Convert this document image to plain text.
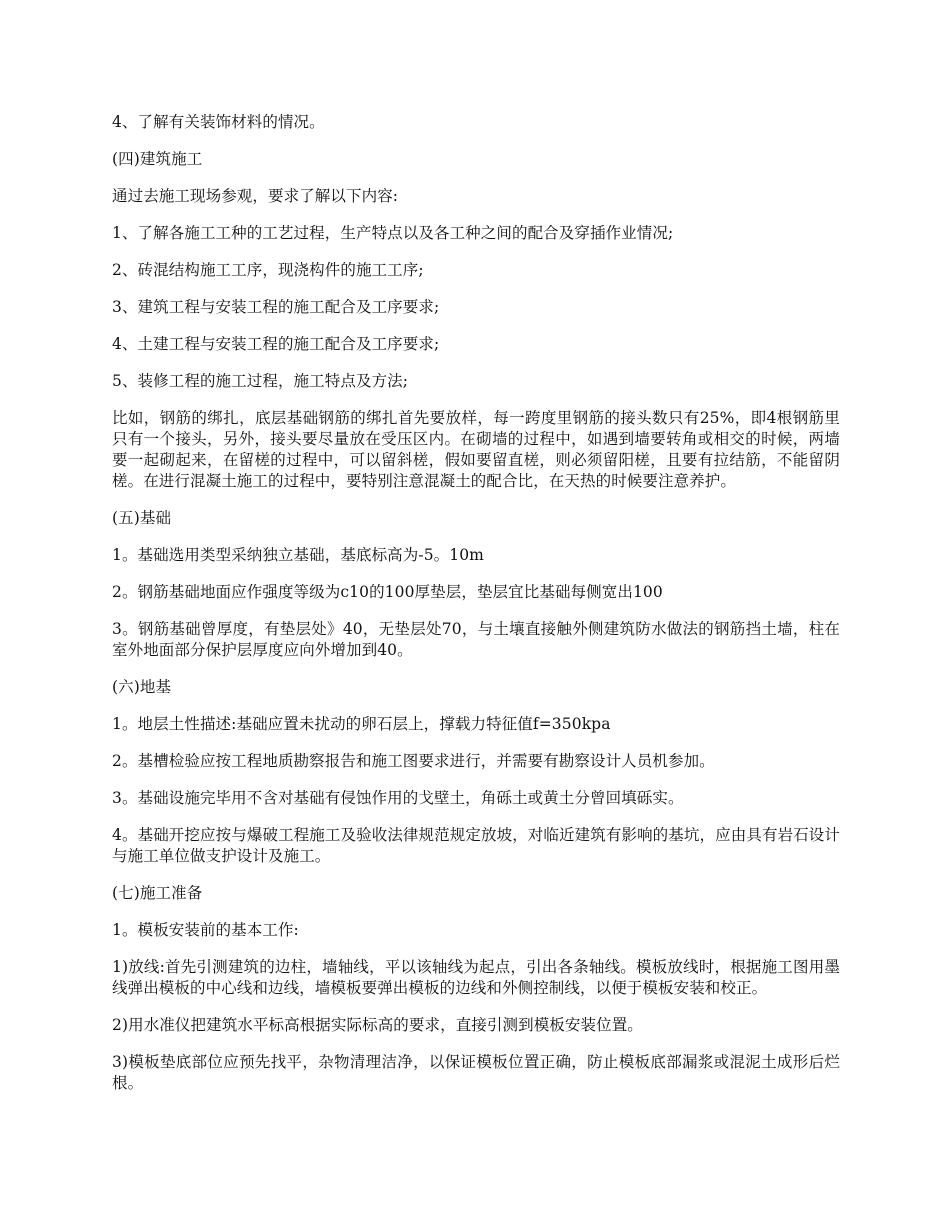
4、了解有关装饰材料的情况。

(四)建筑施工

通过去施工现场参观，要求了解以下内容:

1、了解各施工工种的工艺过程，生产特点以及各工种之间的配合及穿插作业情况;

2、砖混结构施工工序，现浇构件的施工工序;

3、建筑工程与安装工程的施工配合及工序要求;

4、土建工程与安装工程的施工配合及工序要求;

5、装修工程的施工过程，施工特点及方法;

比如，钢筋的绑扎，底层基础钢筋的绑扎首先要放样，每一跨度里钢筋的接头数只有25%，即4根钢筋里只有一个接头，另外，接头要尽量放在受压区内。在砌墙的过程中，如遇到墙要转角或相交的时候，两墙要一起砌起来，在留槎的过程中，可以留斜槎，假如要留直槎，则必须留阳槎，且要有拉结筋，不能留阴槎。在进行混凝土施工的过程中，要特别注意混凝土的配合比，在天热的时候要注意养护。

(五)基础

1。基础选用类型采纳独立基础，基底标高为-5。10m

2。钢筋基础地面应作强度等级为c10的100厚垫层，垫层宜比基础每侧宽出100

3。钢筋基础曾厚度，有垫层处》40，无垫层处70，与土壤直接触外侧建筑防水做法的钢筋挡土墙，柱在室外地面部分保护层厚度应向外增加到40。

(六)地基

1。地层土性描述:基础应置未扰动的卵石层上，撑载力特征值f=350kpa

2。基槽检验应按工程地质勘察报告和施工图要求进行，并需要有勘察设计人员机参加。

3。基础设施完毕用不含对基础有侵蚀作用的戈壁土，角砾土或黄土分曾回填砾实。

4。基础开挖应按与爆破工程施工及验收法律规范规定放坡，对临近建筑有影响的基坑，应由具有岩石设计与施工单位做支护设计及施工。

(七)施工准备

1。模板安装前的基本工作:

1)放线:首先引测建筑的边柱，墙轴线，平以该轴线为起点，引出各条轴线。模板放线时，根据施工图用墨线弹出模板的中心线和边线，墙模板要弹出模板的边线和外侧控制线，以便于模板安装和校正。

2)用水准仪把建筑水平标高根据实际标高的要求，直接引测到模板安装位置。

3)模板垫底部位应预先找平，杂物清理洁净，以保证模板位置正确，防止模板底部漏浆或混泥土成形后烂根。
